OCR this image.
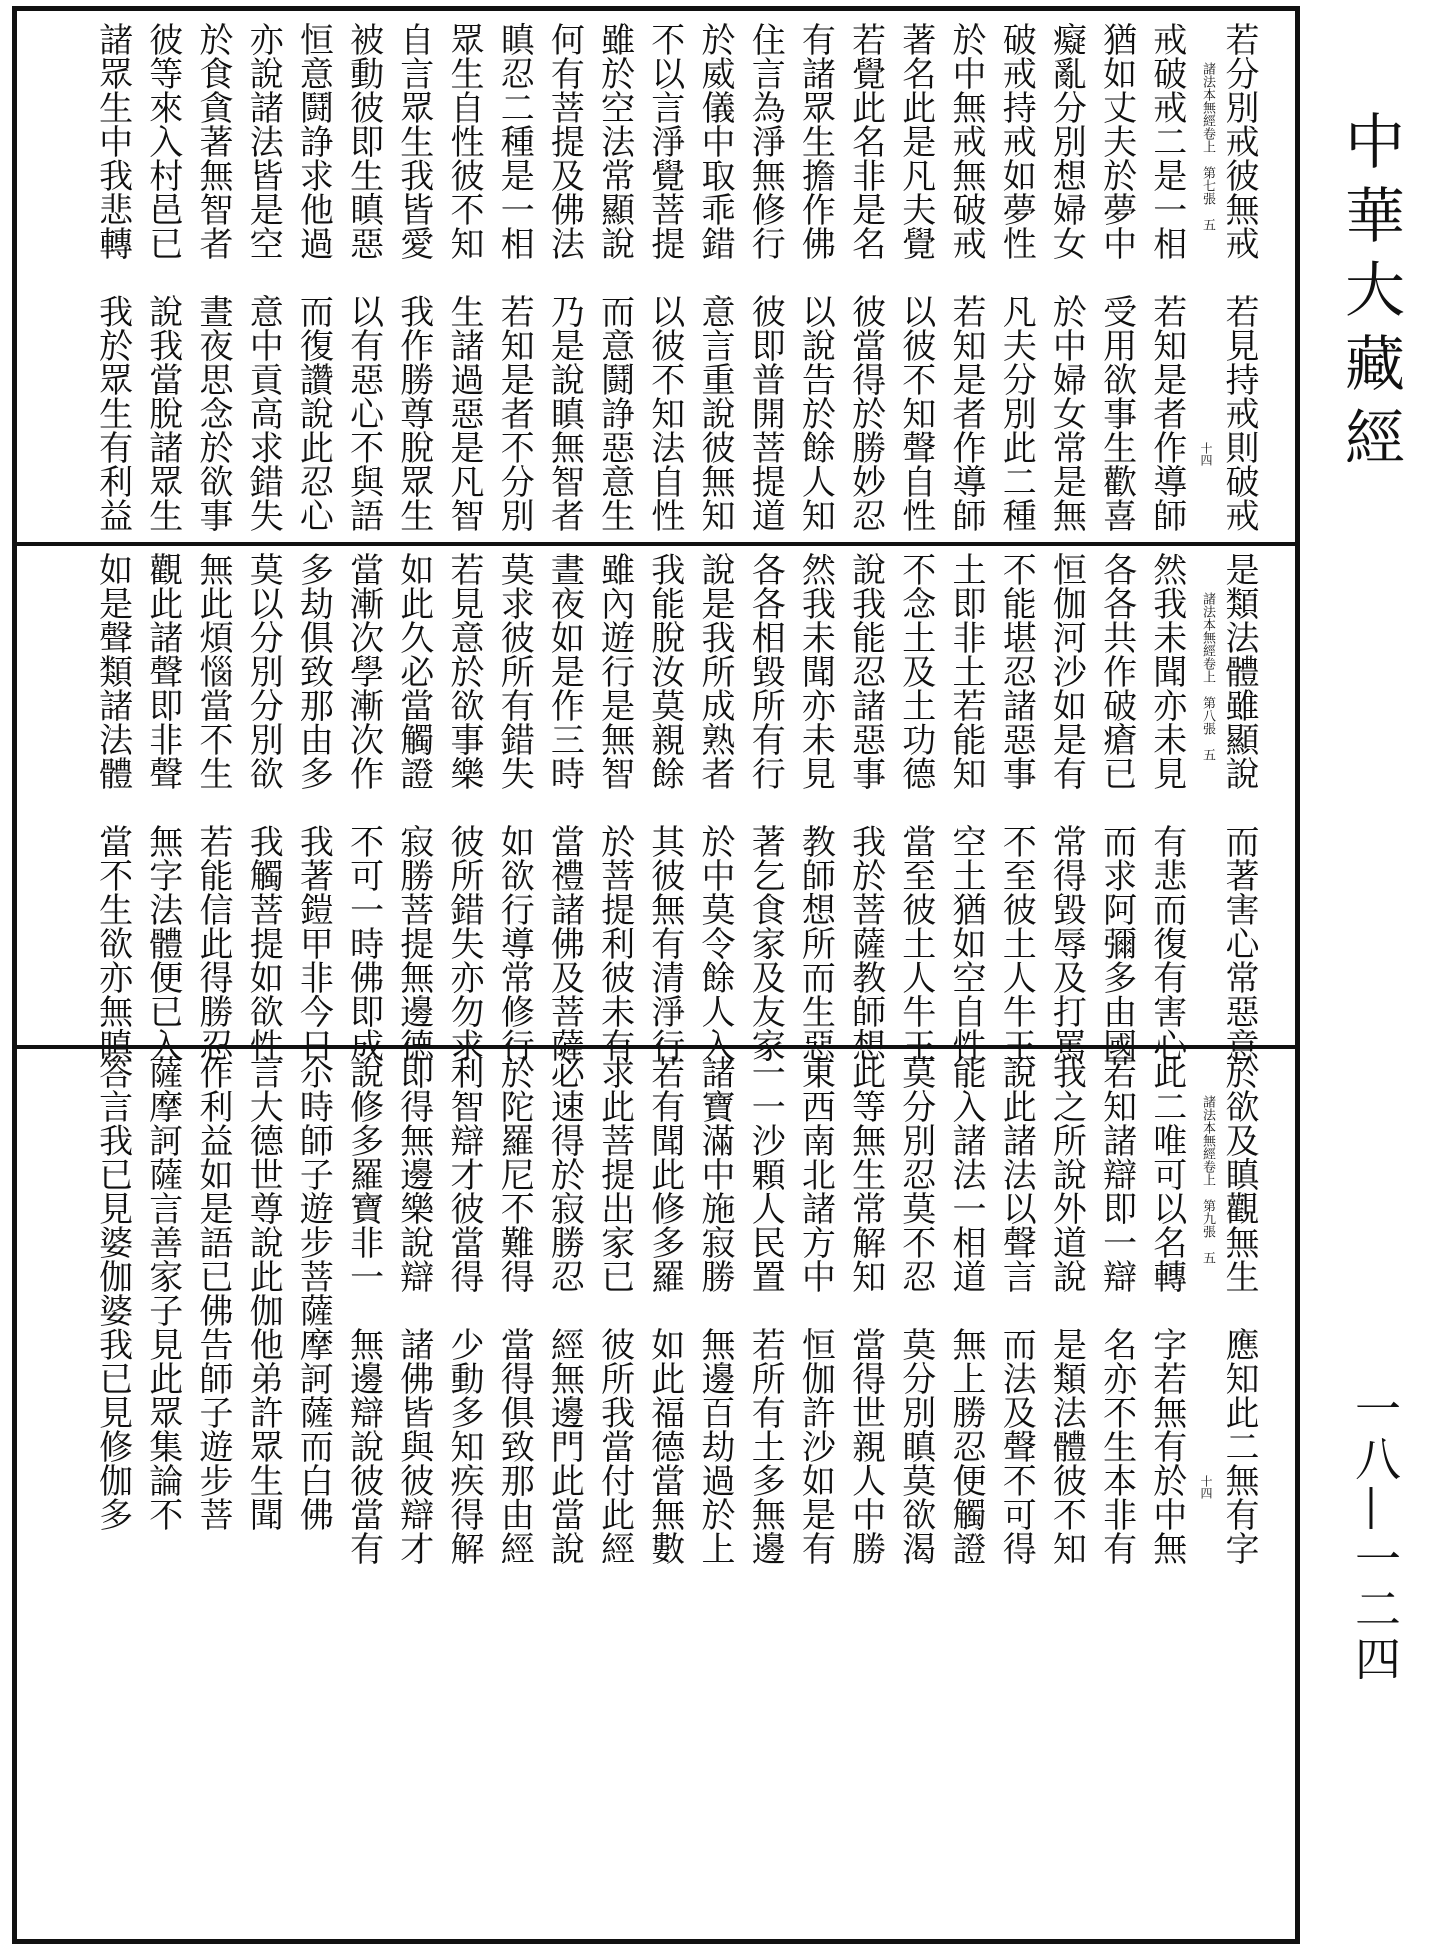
若分別戒彼無戒　若見持戒則破戒
戒破戒二是一相　若知是者作導師
猶如丈夫於夢中　受用欲事生歡喜
癡亂分別想婦女　於中婦女常是無
破戒持戒如夢性　凡夫分別此二種
於中無戒無破戒　若知是者作導師
著名此是凡夫覺　以彼不知聲自性
若覺此名非是名　彼當得於勝妙忍
有諸眾生擔作佛　以說告於餘人知
住言為淨無修行　彼即普開菩提道
於威儀中取乖錯　意言重說彼無知
不以言淨覺菩提　以彼不知法自性
雖於空法常顯說　而意鬪諍惡意生
何有菩提及佛法　乃是說瞋無智者
瞋忍二種是一相　若知是者不分別
眾生自性彼不知　生諸過惡是凡智
自言眾生我皆愛　我作勝尊脫眾生
被動彼即生瞋惡　以有惡心不與語
恒意鬪諍求他過　而復讚說此忍心
亦說諸法皆是空　意中貢高求錯失
於食貪著無智者　晝夜思念於欲事
彼等來入村邑已　說我當脫諸眾生
諸眾生中我悲轉　我於眾生有利益	諸法本無經卷上　第七張　五
十四
是類法體雖顯說　而著害心常惡意
然我未聞亦未見　有悲而復有害心
各各共作破瘡已　而求阿彌多由國
恒伽河沙如是有　常得毀辱及打罵
不能堪忍諸惡事　不至彼土人牛王
土即非土若能知　空土猶如空自性
不念土及土功德　當至彼土人牛王
說我能忍諸惡事　我於菩薩教師想
然我未聞亦未見　教師想所而生惡
各各相毀所有行　著乞食家及友家
說是我所成熟者　於中莫令餘人入
我能脫汝莫親餘　其彼無有清淨行
雖內遊行是無智　於菩提利彼未有
晝夜如是作三時　當禮諸佛及菩薩
莫求彼所有錯失　如欲行導常修行
若見意於欲事樂　彼所錯失亦勿求
如此久必當觸證　寂勝菩提無邊德
當漸次學漸次作　不可一時佛即成
多劫俱致那由多　我著鎧甲非今日
莫以分別分別欲　我觸菩提如欲性
無此煩惱當不生　若能信此得勝忍
觀此諸聲即非聲　無字法體便已入
如是聲類諸法體　當不生欲亦無瞋	諸法本無經卷上　第八張　五
於欲及瞋觀無生　應知此二無有字
此二唯可以名轉　字若無有於中無
若知諸辯即一辯　名亦不生本非有
我之所說外道說　是類法體彼不知
說此諸法以聲言　而法及聲不可得
能入諸法一相道　無上勝忍便觸證
莫分別忍莫不忍　莫分別瞋莫欲渴
此等無生常解知　當得世親人中勝
東西南北諸方中　恒伽許沙如是有
一一沙顆人民置　若所有土多無邊
諸寶滿中施寂勝　無邊百劫過於上
若有聞此修多羅　如此福德當無數
求此菩提出家已　彼所我當付此經
必速得於寂勝忍　經無邊門此當說
於陀羅尼不難得　當得俱致那由經
利智辯才彼當得　少動多知疾得解
即得無邊樂說辯　諸佛皆與彼辯才
說修多羅寶非一　無邊辯說彼當有
尒時師子遊步菩薩摩訶薩而白佛
言大德世尊說此伽他弟許眾生聞
作利益如是語已佛告師子遊步菩
薩摩訶薩言善家子見此眾集論不
答言我已見婆伽婆我已見修伽多	諸法本無經卷上　第九張　五
十四
中華大藏經
一八—一二四
